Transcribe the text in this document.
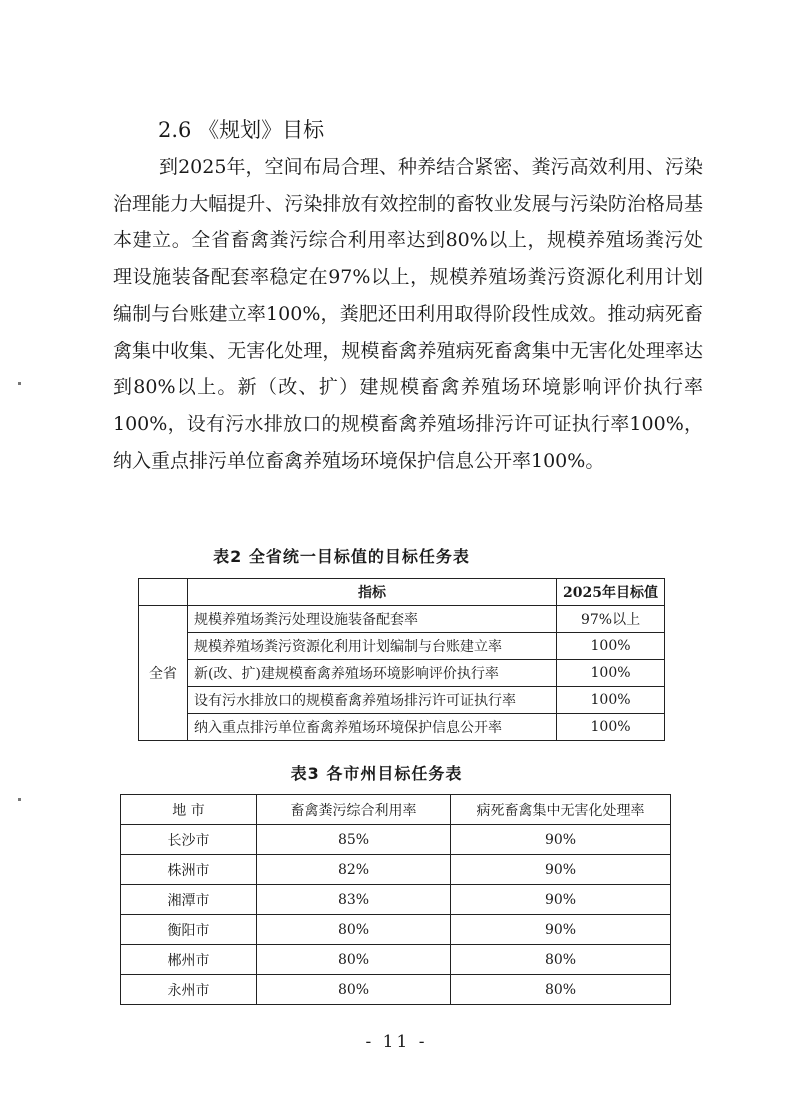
2.6 《规划》目标

到2025年，空间布局合理、种养结合紧密、粪污高效利用、污染治理能力大幅提升、污染排放有效控制的畜牧业发展与污染防治格局基本建立。全省畜禽粪污综合利用率达到80%以上，规模养殖场粪污处理设施装备配套率稳定在97%以上，规模养殖场粪污资源化利用计划编制与台账建立率100%，粪肥还田利用取得阶段性成效。推动病死畜禽集中收集、无害化处理，规模畜禽养殖病死畜禽集中无害化处理率达到80%以上。新（改、扩）建规模畜禽养殖场环境影响评价执行率100%，设有污水排放口的规模畜禽养殖场排污许可证执行率100%，纳入重点排污单位畜禽养殖场环境保护信息公开率100%。

表2 全省统一目标值的目标任务表
	指标	2025年目标值
全省	规模养殖场粪污处理设施装备配套率	97%以上
	规模养殖场粪污资源化利用计划编制与台账建立率	100%
	新(改、扩)建规模畜禽养殖场环境影响评价执行率	100%
	设有污水排放口的规模畜禽养殖场排污许可证执行率	100%
	纳入重点排污单位畜禽养殖场环境保护信息公开率	100%
表3 各市州目标任务表
地 市	畜禽粪污综合利用率	病死畜禽集中无害化处理率
长沙市	85%	90%
株洲市	82%	90%
湘潭市	83%	90%
衡阳市	80%	90%
郴州市	80%	80%
永州市	80%	80%
- 11 -
